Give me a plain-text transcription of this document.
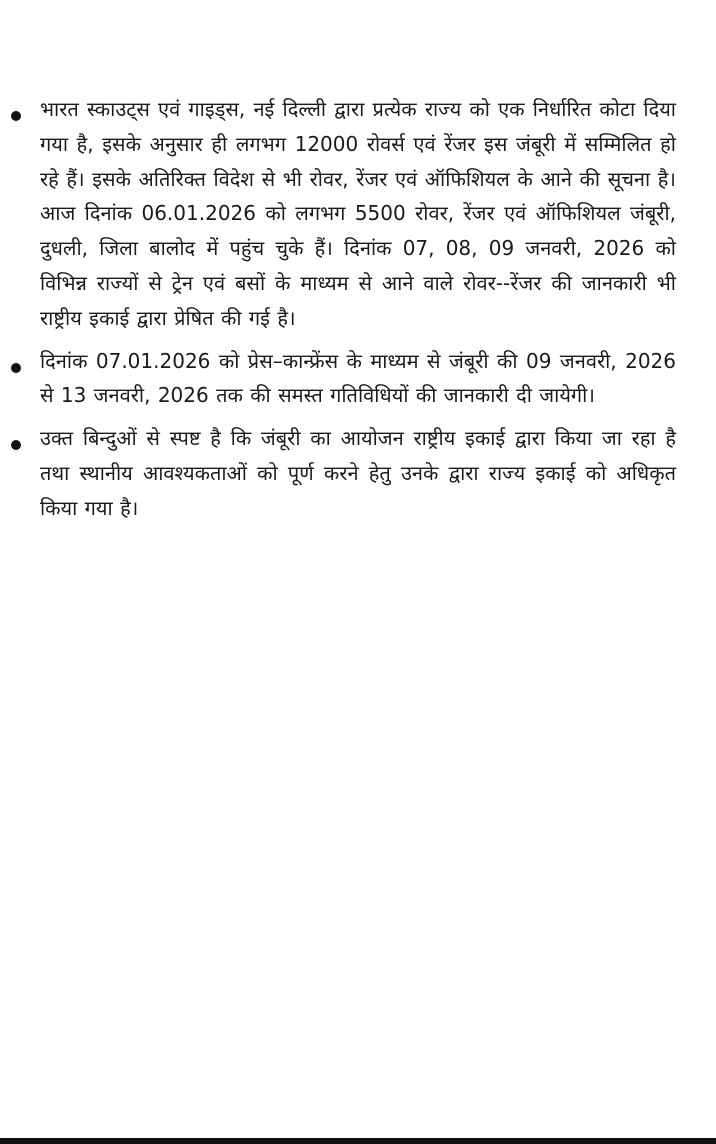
भारत स्काउट्स एवं गाइड्स, नई दिल्ली द्वारा प्रत्येक राज्य को एक निर्धारित कोटा दिया गया है, इसके अनुसार ही लगभग 12000 रोवर्स एवं रेंजर इस जंबूरी में सम्मिलित हो रहे हैं। इसके अतिरिक्त विदेश से भी रोवर, रेंजर एवं ऑफिशियल के आने की सूचना है। आज दिनांक 06.01.2026 को लगभग 5500 रोवर, रेंजर एवं ऑफिशियल जंबूरी, दुधली, जिला बालोद में पहुंच चुके हैं। दिनांक 07, 08, 09 जनवरी, 2026 को विभिन्न राज्यों से ट्रेन एवं बसों के माध्यम से आने वाले रोवर--रेंजर की जानकारी भी राष्ट्रीय इकाई द्वारा प्रेषित की गई है।

दिनांक 07.01.2026 को प्रेस–कान्फ्रेंस के माध्यम से जंबूरी की 09 जनवरी, 2026 से 13 जनवरी, 2026 तक की समस्त गतिविधियों की जानकारी दी जायेगी।

उक्त बिन्दुओं से स्पष्ट है कि जंबूरी का आयोजन राष्ट्रीय इकाई द्वारा किया जा रहा है तथा स्थानीय आवश्यकताओं को पूर्ण करने हेतु उनके द्वारा राज्य इकाई को अधिकृत किया गया है।
